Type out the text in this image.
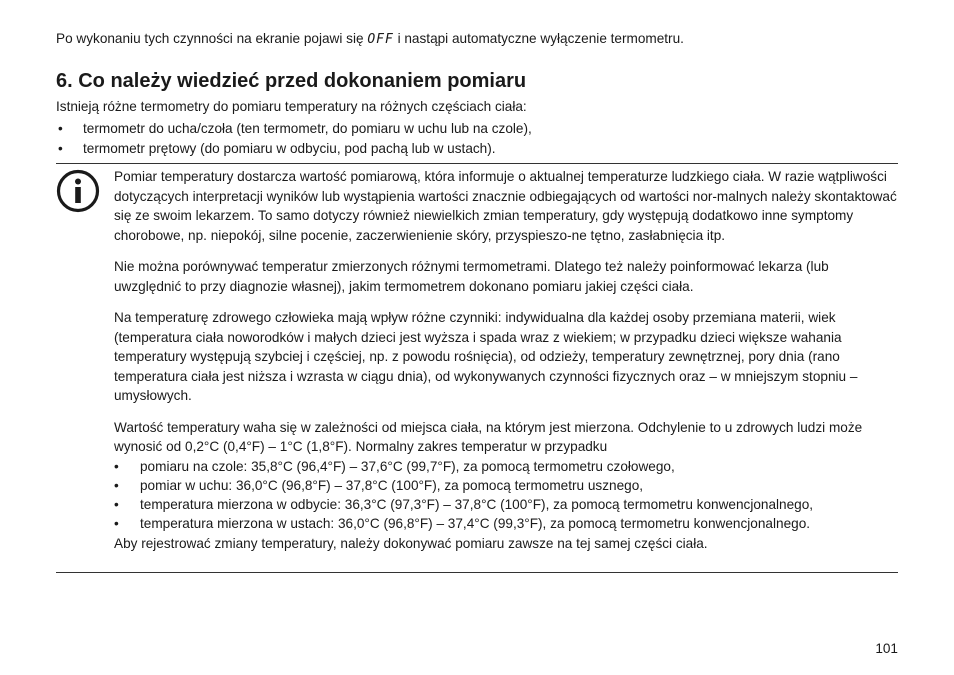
Po wykonaniu tych czynności na ekranie pojawi się OFF i nastąpi automatyczne wyłączenie termometru.
6. Co należy wiedzieć przed dokonaniem pomiaru
Istnieją różne termometry do pomiaru temperatury na różnych częściach ciała:
• termometr do ucha/czoła (ten termometr, do pomiaru w uchu lub na czole),
• termometr prętowy (do pomiaru w odbyciu, pod pachą lub w ustach).

Pomiar temperatury dostarcza wartość pomiarową, która informuje o aktualnej temperaturze ludzkiego ciała. W razie wątpliwości dotyczących interpretacji wyników lub wystąpienia wartości znacznie odbiegających od wartości nor-malnych należy skontaktować się ze swoim lekarzem. To samo dotyczy również niewielkich zmian temperatury, gdy występują dodatkowo inne symptomy chorobowe, np. niepokój, silne pocenie, zaczerwienienie skóry, przyspieszo-ne tętno, zasłabnięcia itp.

Nie można porównywać temperatur zmierzonych różnymi termometrami. Dlatego też należy poinformować lekarza (lub uwzględnić to przy diagnozie własnej), jakim termometrem dokonano pomiaru jakiej części ciała.

Na temperaturę zdrowego człowieka mają wpływ różne czynniki: indywidualna dla każdej osoby przemiana materii, wiek (temperatura ciała noworodków i małych dzieci jest wyższa i spada wraz z wiekiem; w przypadku dzieci większe wahania temperatury występują szybciej i częściej, np. z powodu rośnięcia), od odzieży, temperatury zewnętrznej, pory dnia (rano temperatura ciała jest niższa i wzrasta w ciągu dnia), od wykonywanych czynności fizycznych oraz – w mniejszym stopniu – umysłowych.

Wartość temperatury waha się w zależności od miejsca ciała, na którym jest mierzona. Odchylenie to u zdrowych ludzi może wynosić od 0,2°C (0,4°F) – 1°C (1,8°F). Normalny zakres temperatur w przypadku

• pomiaru na czole: 35,8°C (96,4°F) – 37,6°C (99,7°F), za pomocą termometru czołowego,
• pomiar w uchu: 36,0°C (96,8°F) – 37,8°C (100°F), za pomocą termometru usznego,
• temperatura mierzona w odbycie: 36,3°C (97,3°F) – 37,8°C (100°F), za pomocą termometru konwencjonalnego,
• temperatura mierzona w ustach: 36,0°C (96,8°F) – 37,4°C (99,3°F), za pomocą termometru konwencjonalnego.

Aby rejestrować zmiany temperatury, należy dokonywać pomiaru zawsze na tej samej części ciała.

101
